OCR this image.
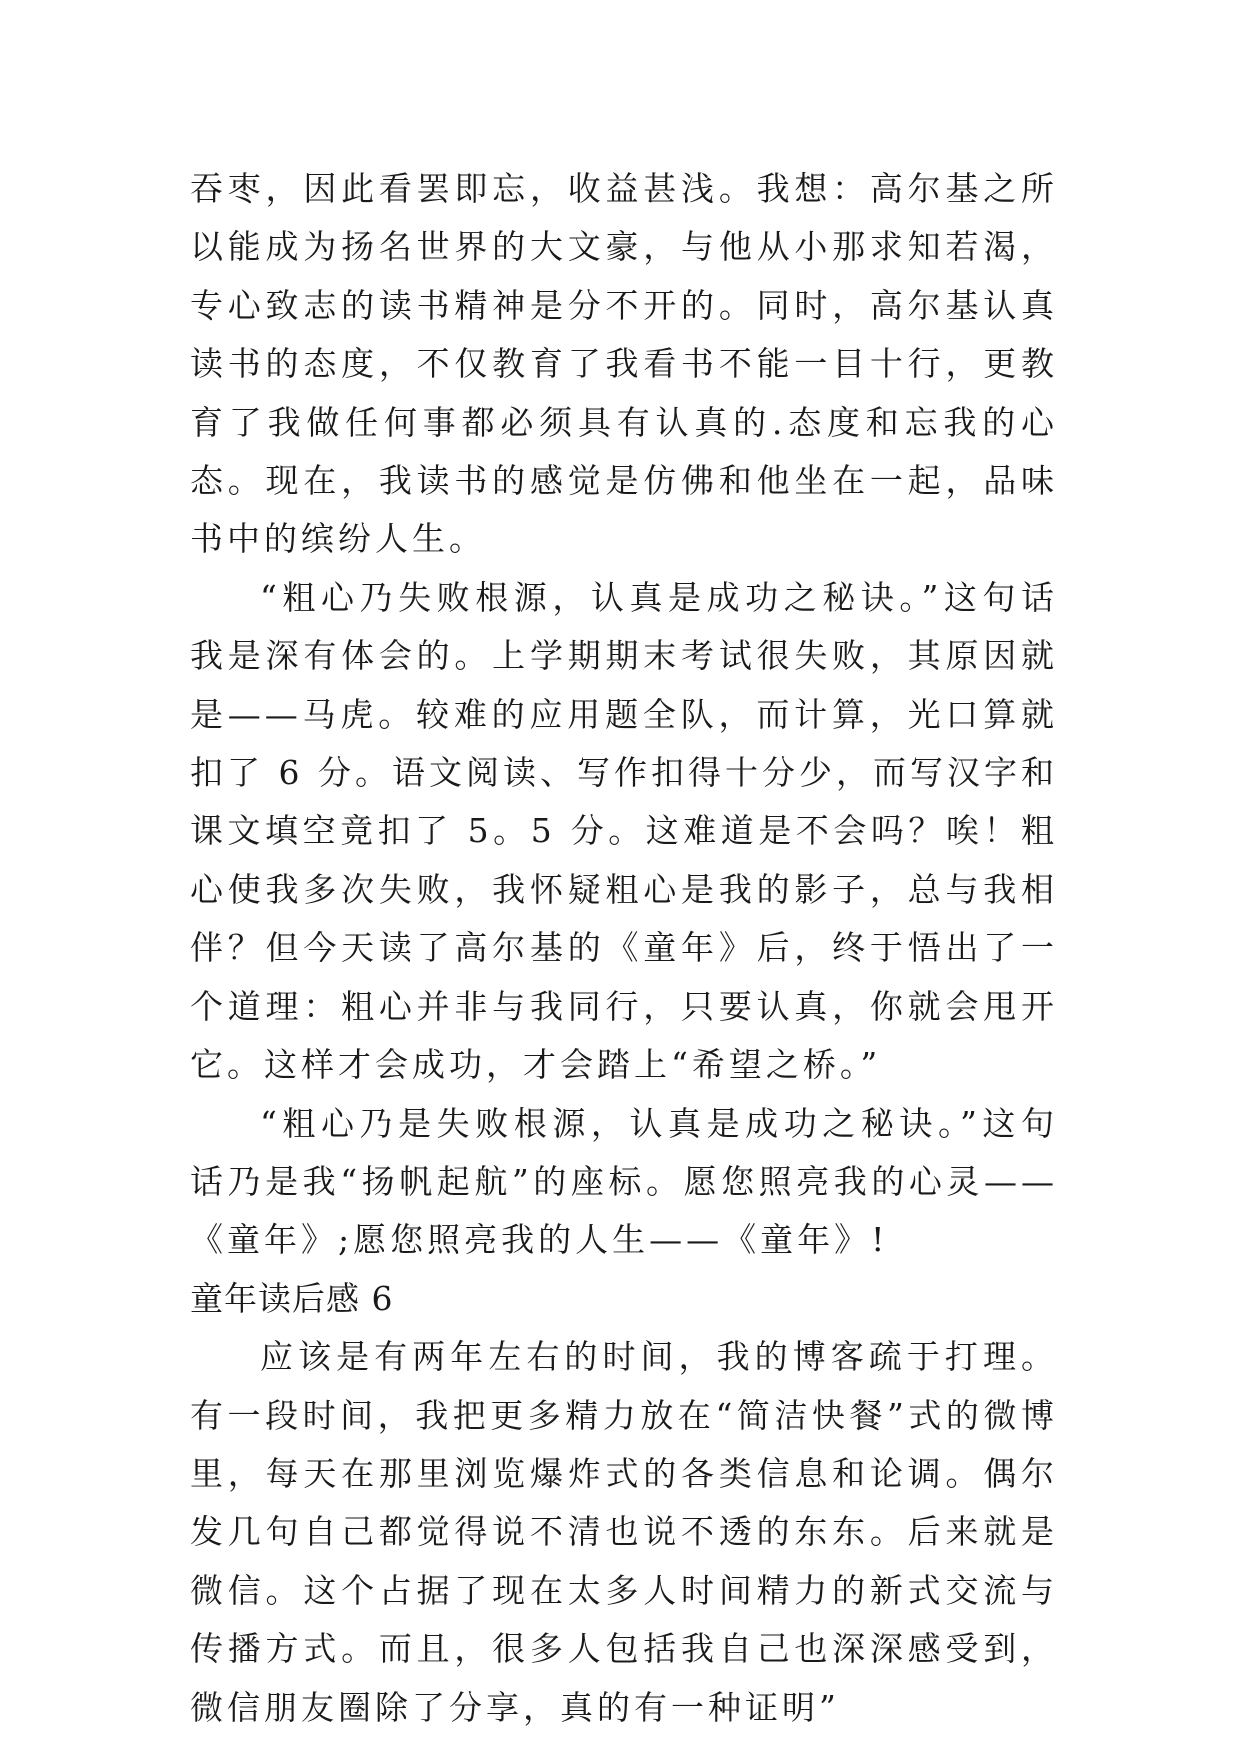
吞枣，因此看罢即忘，收益甚浅。我想：高尔基之所以能成为扬名世界的大文豪，与他从小那求知若渴，专心致志的读书精神是分不开的。同时，高尔基认真读书的态度，不仅教育了我看书不能一目十行，更教育了我做任何事都必须具有认真的.态度和忘我的心态。现在，我读书的感觉是仿佛和他坐在一起，品味书中的缤纷人生。

“粗心乃失败根源，认真是成功之秘诀。”这句话我是深有体会的。上学期期末考试很失败，其原因就是——马虎。较难的应用题全队，而计算，光口算就扣了 6 分。语文阅读、写作扣得十分少，而写汉字和课文填空竟扣了 5。5 分。这难道是不会吗？唉！粗心使我多次失败，我怀疑粗心是我的影子，总与我相伴？但今天读了高尔基的《童年》后，终于悟出了一个道理：粗心并非与我同行，只要认真，你就会甩开它。这样才会成功，才会踏上“希望之桥。”

“粗心乃是失败根源，认真是成功之秘诀。”这句话乃是我“扬帆起航”的座标。愿您照亮我的心灵——《童年》;愿您照亮我的人生——《童年》!

童年读后感 6

应该是有两年左右的时间，我的博客疏于打理。有一段时间，我把更多精力放在“简洁快餐”式的微博里，每天在那里浏览爆炸式的各类信息和论调。偶尔发几句自己都觉得说不清也说不透的东东。后来就是微信。这个占据了现在太多人时间精力的新式交流与传播方式。而且，很多人包括我自己也深深感受到，微信朋友圈除了分享，真的有一种证明”
